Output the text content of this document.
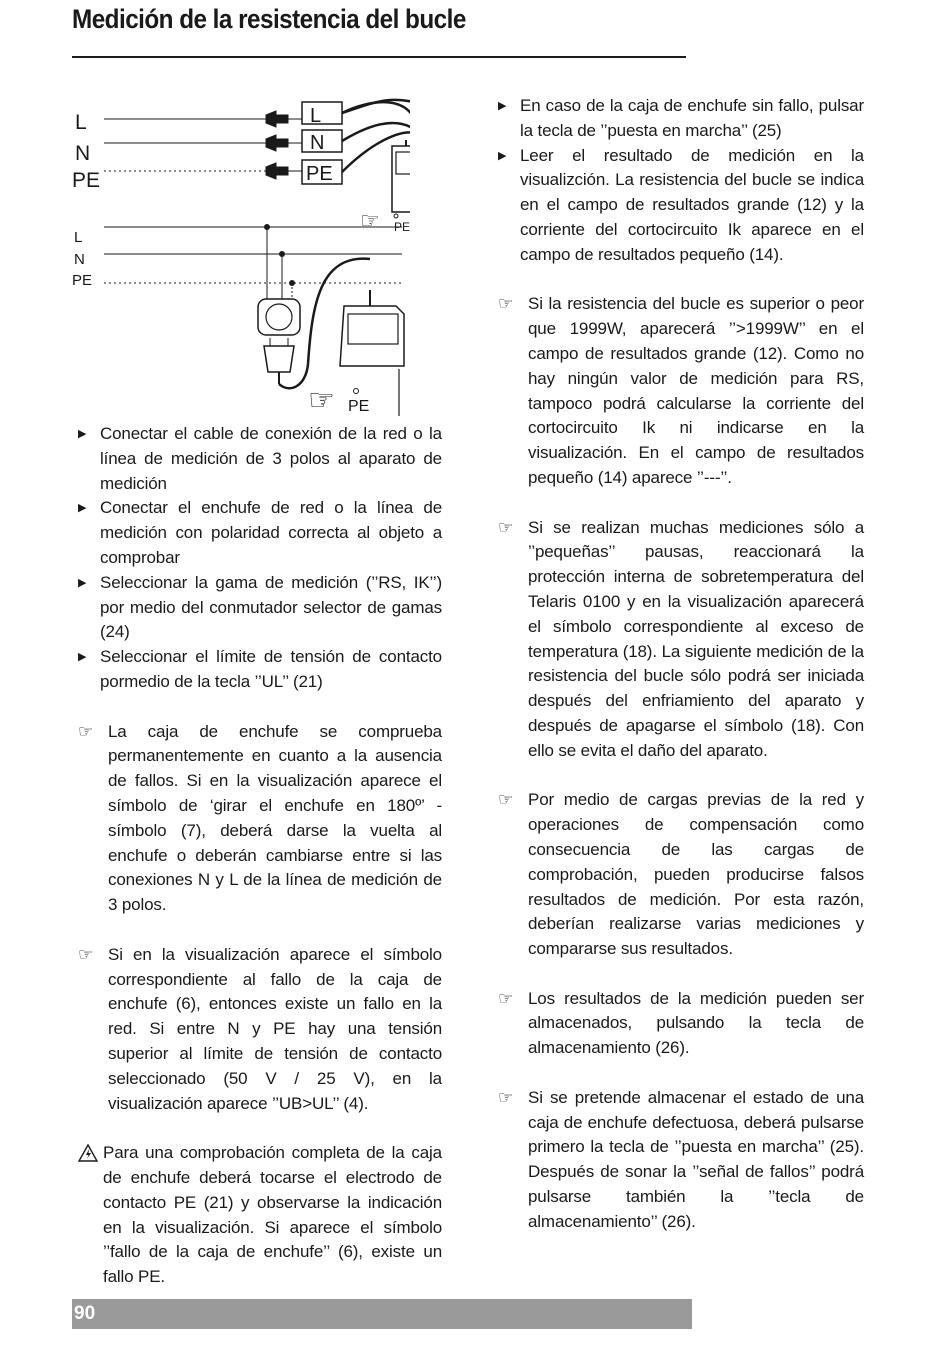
Medición de la resistencia del bucle
L
N
PE
L
N
PE
L
N
PE
☞ PE
☞ PE
▶ Conectar el cable de conexión de la red o la línea de medición de 3 polos al aparato de medición
▶ Conectar el enchufe de red o la línea de medición con polaridad correcta al objeto a comprobar
▶ Seleccionar la gama de medición (’’RS, IK’’) por medio del conmutador selector de gamas (24)
▶ Seleccionar el límite de tensión de contacto pormedio de la tecla ’’UL’’ (21)
☞ La caja de enchufe se comprueba permanentemente en cuanto a la ausencia de fallos. Si en la visualización aparece el símbolo de ‘girar el enchufe en 180º’ - símbolo (7), deberá darse la vuelta al enchufe o deberán cambiarse entre si las conexiones N y L de la línea de medición de 3 polos.
☞ Si en la visualización aparece el símbolo correspondiente al fallo de la caja de enchufe (6), entonces existe un fallo en la red. Si entre N y PE hay una tensión superior al límite de tensión de contacto seleccionado (50 V / 25 V), en la visualización aparece ’’UB>UL’’ (4).
Para una comprobación completa de la caja de enchufe deberá tocarse el electrodo de contacto PE (21) y observarse la indicación en la visualización. Si aparece el símbolo ’’fallo de la caja de enchufe’’ (6), existe un fallo PE.
▶ En caso de la caja de enchufe sin fallo, pulsar la tecla de ’’puesta en marcha’’ (25)
▶ Leer el resultado de medición en la visualizción. La resistencia del bucle se indica en el campo de resultados grande (12) y la corriente del cortocircuito Ik aparece en el campo de resultados pequeño (14).
☞ Si la resistencia del bucle es superior o peor que 1999W, aparecerá ’’>1999W’’ en el campo de resultados grande (12). Como no hay ningún valor de medición para RS, tampoco podrá calcularse la corriente del cortocircuito Ik ni indicarse en la visualización. En el campo de resultados pequeño (14) aparece ’’---’’.
☞ Si se realizan muchas mediciones sólo a ’’pequeñas’’ pausas, reaccionará la protección interna de sobretemperatura del Telaris 0100 y en la visualización aparecerá el símbolo correspondiente al exceso de temperatura (18). La siguiente medición de la resistencia del bucle sólo podrá ser iniciada después del enfriamiento del aparato y después de apagarse el símbolo (18). Con ello se evita el daño del aparato.
☞ Por medio de cargas previas de la red y operaciones de compensación como consecuencia de las cargas de comprobación, pueden producirse falsos resultados de medición. Por esta razón, deberían realizarse varias mediciones y compararse sus resultados.
☞ Los resultados de la medición pueden ser almacenados, pulsando la tecla de almacenamiento (26).
☞ Si se pretende almacenar el estado de una caja de enchufe defectuosa, deberá pulsarse primero la tecla de ’’puesta en marcha’’ (25). Después de sonar la ’’señal de fallos’’ podrá pulsarse también la ’’tecla de almacenamiento’’ (26).
90
